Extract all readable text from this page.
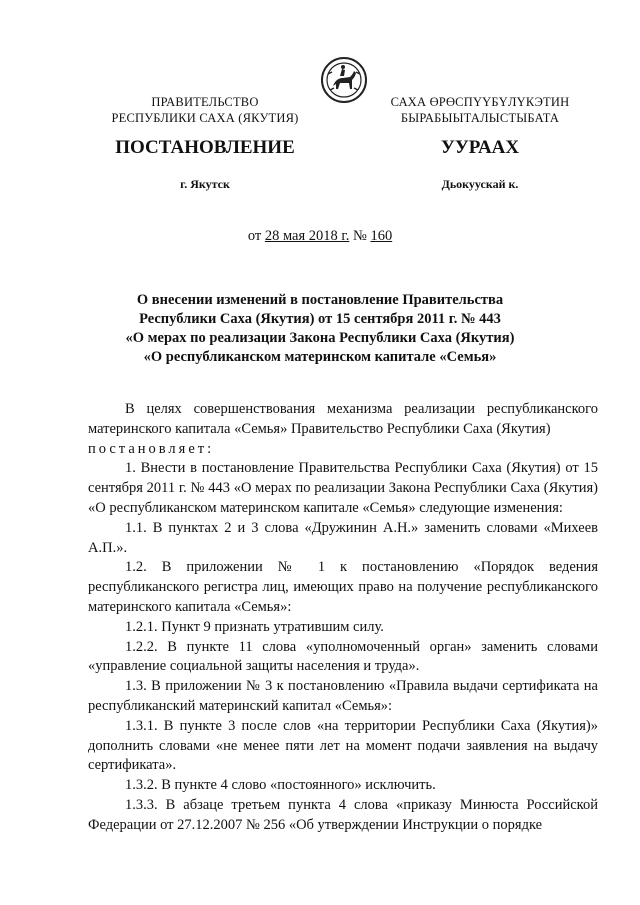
ПРАВИТЕЛЬСТВО
РЕСПУБЛИКИ САХА (ЯКУТИЯ)
САХА ӨРӨСПҮҮБҮЛҮКЭТИН
БЫРАБЫЫТАЛЫСТЫБАТА
ПОСТАНОВЛЕНИЕ	УУРААХ
г. Якутск	Дьокуускай к.
от 28 мая 2018 г. № 160
О внесении изменений в постановление Правительства
Республики Саха (Якутия) от 15 сентября 2011 г. № 443
«О мерах по реализации Закона Республики Саха (Якутия)
«О республиканском материнском капитале «Семья»

В целях совершенствования механизма реализации республиканского материнского капитала «Семья» Правительство Республики Саха (Якутия)

постановляет:

1. Внести в постановление Правительства Республики Саха (Якутия) от 15 сентября 2011 г. № 443 «О мерах по реализации Закона Республики Саха (Якутия) «О республиканском материнском капитале «Семья» следующие изменения:

1.1. В пунктах 2 и 3 слова «Дружинин А.Н.» заменить словами «Михеев А.П.».

1.2. В приложении № 1 к постановлению «Порядок ведения республиканского регистра лиц, имеющих право на получение республиканского материнского капитала «Семья»:

1.2.1. Пункт 9 признать утратившим силу.

1.2.2. В пункте 11 слова «уполномоченный орган» заменить словами «управление социальной защиты населения и труда».

1.3. В приложении № 3 к постановлению «Правила выдачи сертификата на республиканский материнский капитал «Семья»:

1.3.1. В пункте 3 после слов «на территории Республики Саха (Якутия)» дополнить словами «не менее пяти лет на момент подачи заявления на выдачу сертификата».

1.3.2. В пункте 4 слово «постоянного» исключить.

1.3.3. В абзаце третьем пункта 4 слова «приказу Минюста Российской Федерации от 27.12.2007 № 256 «Об утверждении Инструкции о порядке
